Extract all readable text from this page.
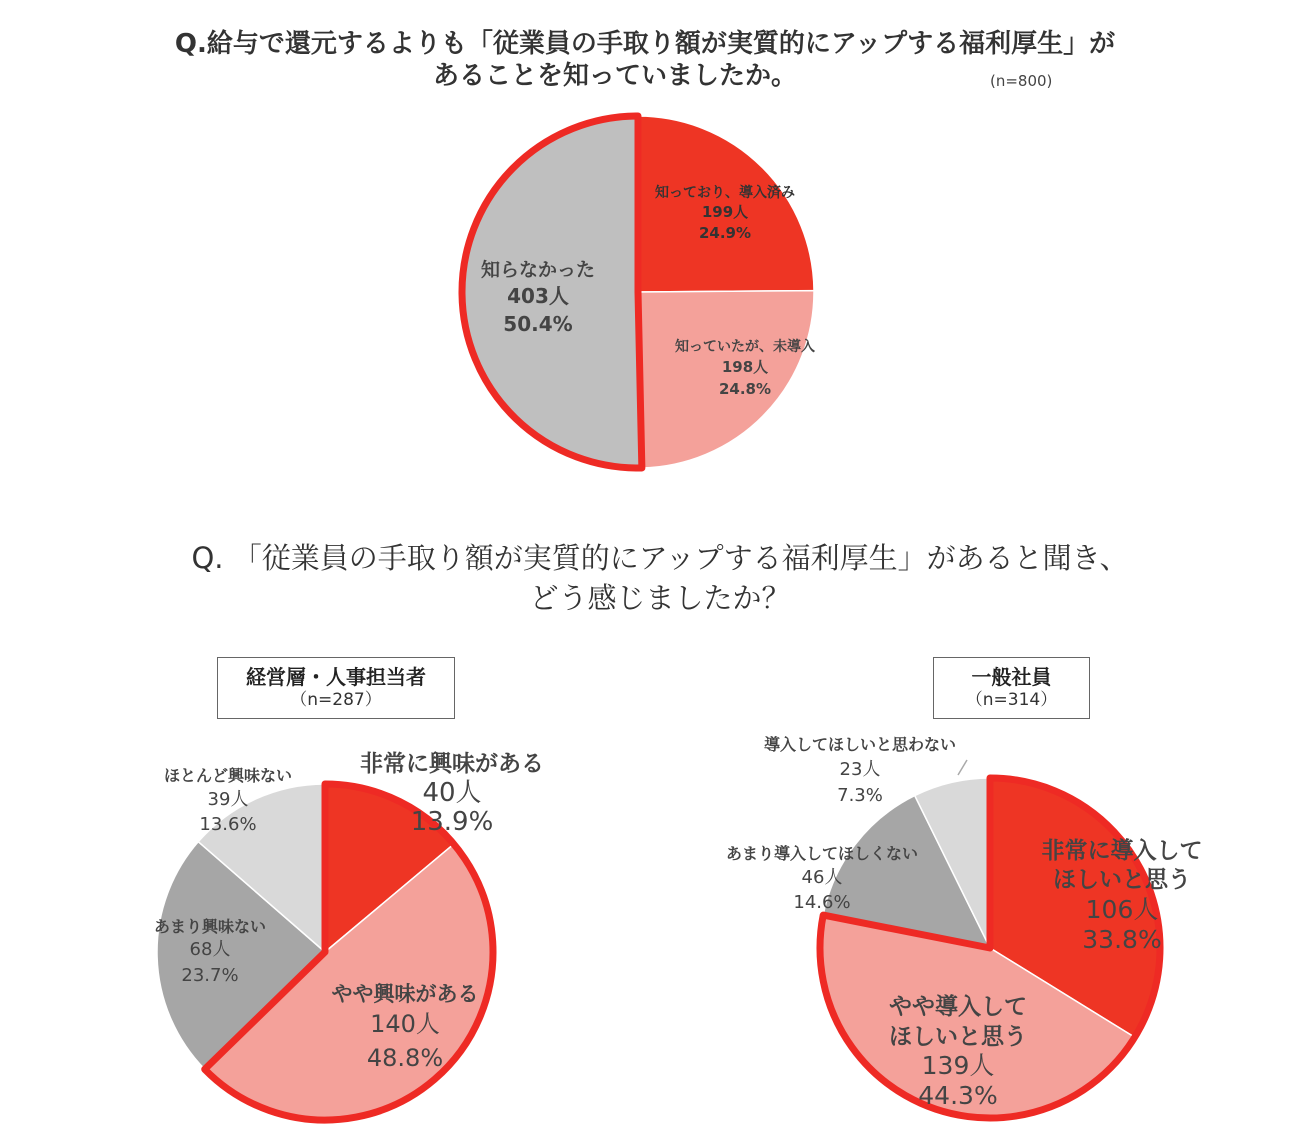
Q.給与で還元するよりも「従業員の手取り額が実質的にアップする福利厚生」が
あることを知っていましたか。	(n=800)
Q. 「従業員の手取り額が実質的にアップする福利厚生」があると聞き、
どう感じましたか？
経営層・人事担当者
（n=287）
一般社員
（n=314）
知っており、導入済み
199人
24.9%
知っていたが、未導入
198人
24.8%
知らなかった
403人
50.4%
非常に興味がある
40人
13.9%
やや興味がある
140人
48.8%
あまり興味ない
68人
23.7%
ほとんど興味ない
39人
13.6%
非常に導入して
ほしいと思う
106人
33.8%
やや導入して
ほしいと思う
139人
44.3%
あまり導入してほしくない
46人
14.6%
導入してほしいと思わない
23人
7.3%
